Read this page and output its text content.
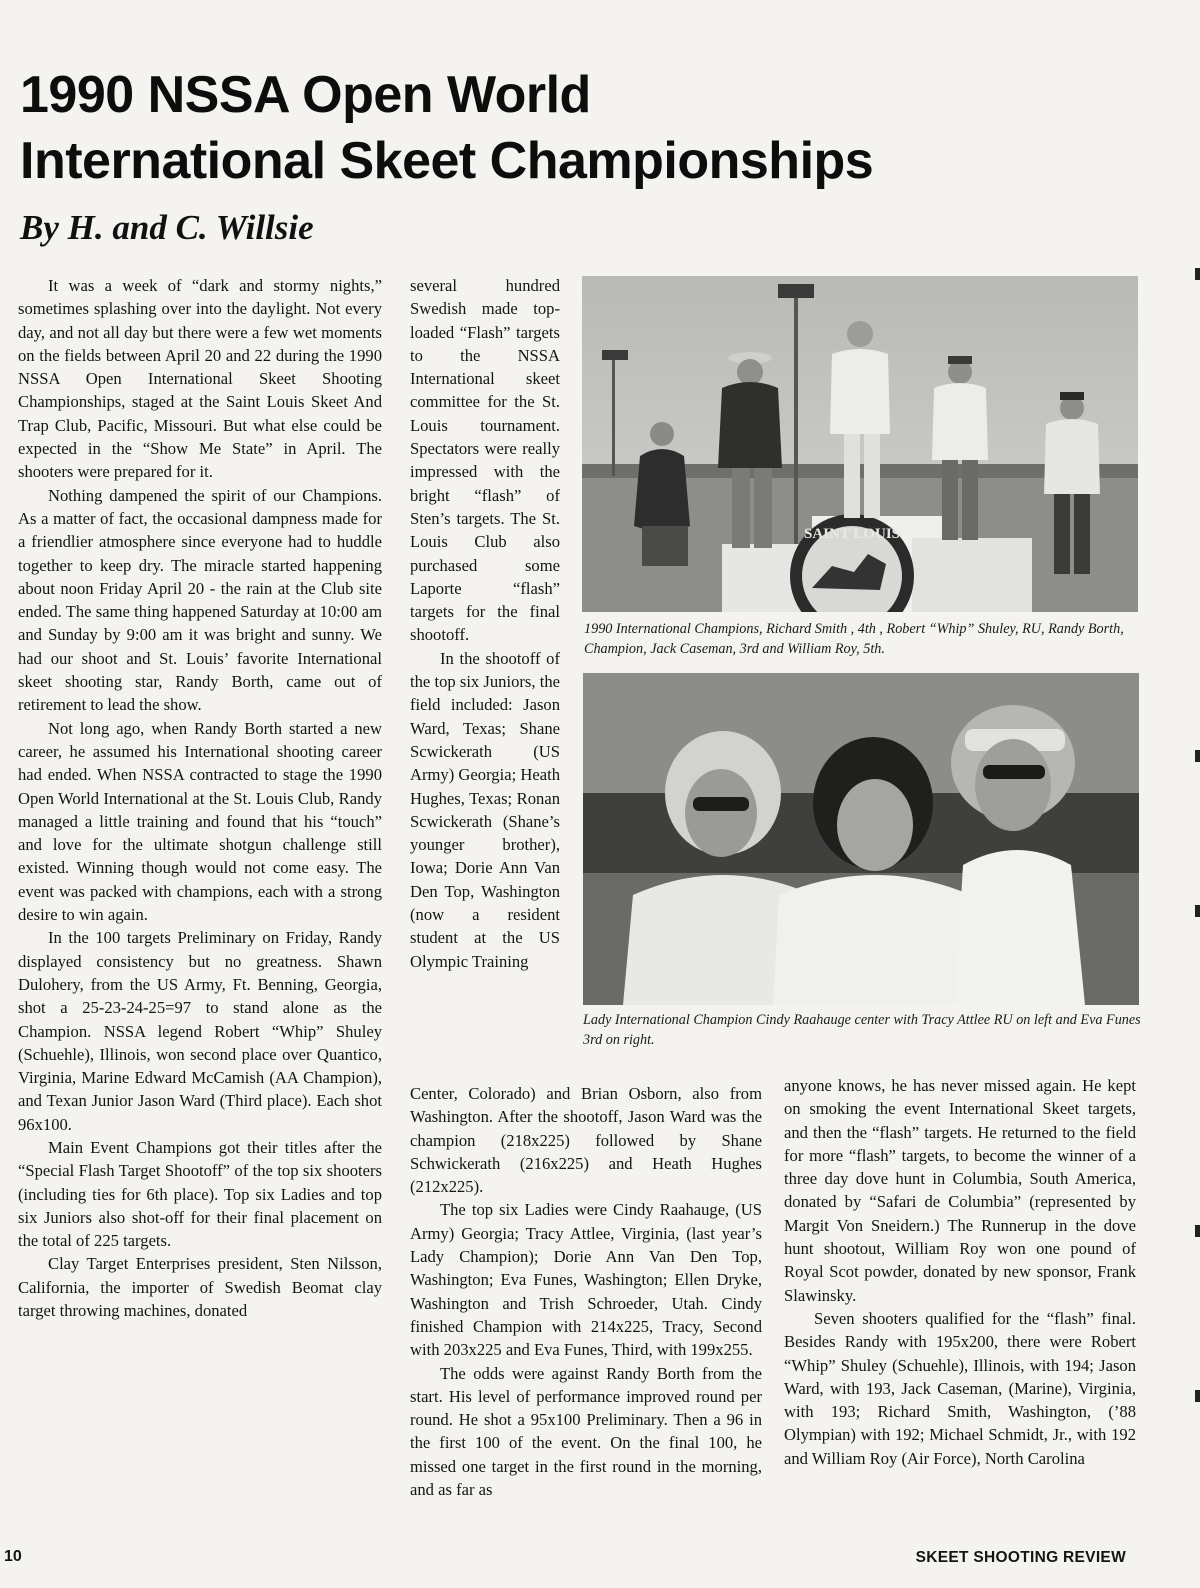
1990 NSSA Open World
International Skeet Championships
By H. and C. Willsie

It was a week of “dark and stormy nights,” sometimes splashing over into the daylight. Not every day, and not all day but there were a few wet moments on the fields between April 20 and 22 during the 1990 NSSA Open International Skeet Shooting Championships, staged at the Saint Louis Skeet And Trap Club, Pacific, Missouri. But what else could be expected in the “Show Me State” in April. The shooters were prepared for it.

Nothing dampened the spirit of our Champions. As a matter of fact, the occasional dampness made for a friendlier atmosphere since everyone had to huddle together to keep dry. The miracle started happening about noon Friday April 20 - the rain at the Club site ended. The same thing happened Saturday at 10:00 am and Sunday by 9:00 am it was bright and sunny. We had our shoot and St. Louis’ favorite International skeet shooting star, Randy Borth, came out of retirement to lead the show.

Not long ago, when Randy Borth started a new career, he assumed his International shooting career had ended. When NSSA contracted to stage the 1990 Open World International at the St. Louis Club, Randy managed a little training and found that his “touch” and love for the ultimate shotgun challenge still existed. Winning though would not come easy. The event was packed with champions, each with a strong desire to win again.

In the 100 targets Preliminary on Friday, Randy displayed consistency but no greatness. Shawn Dulohery, from the US Army, Ft. Benning, Georgia, shot a 25-23-24-25=97 to stand alone as the Champion. NSSA legend Robert “Whip” Shuley (Schuehle), Illinois, won second place over Quantico, Virginia, Marine Edward McCamish (AA Champion), and Texan Junior Jason Ward (Third place). Each shot 96x100.

Main Event Champions got their titles after the “Special Flash Target Shootoff” of the top six shooters (including ties for 6th place). Top six Ladies and top six Juniors also shot-off for their final placement on the total of 225 targets.

Clay Target Enterprises president, Sten Nilsson, California, the importer of Swedish Beomat clay target throwing machines, donated

several hundred Swedish made top-loaded “Flash” targets to the NSSA International skeet committee for the St. Louis tournament. Spectators were really impressed with the bright “flash” of Sten’s targets. The St. Louis Club also purchased some Laporte “flash” targets for the final shootoff.

In the shootoff of the top six Juniors, the field included: Jason Ward, Texas; Shane Scwickerath (US Army) Georgia; Heath Hughes, Texas; Ronan Scwickerath (Shane’s younger brother), Iowa; Dorie Ann Van Den Top, Washington (now a resident student at the US Olympic Training

Center, Colorado) and Brian Osborn, also from Washington. After the shootoff, Jason Ward was the champion (218x225) followed by Shane Schwickerath (216x225) and Heath Hughes (212x225).

The top six Ladies were Cindy Raahauge, (US Army) Georgia; Tracy Attlee, Virginia, (last year’s Lady Champion); Dorie Ann Van Den Top, Washington; Eva Funes, Washington; Ellen Dryke, Washington and Trish Schroeder, Utah. Cindy finished Champion with 214x225, Tracy, Second with 203x225 and Eva Funes, Third, with 199x255.

The odds were against Randy Borth from the start. His level of performance improved round per round. He shot a 95x100 Preliminary. Then a 96 in the first 100 of the event. On the final 100, he missed one target in the first round in the morning, and as far as

anyone knows, he has never missed again. He kept on smoking the event International Skeet targets, and then the “flash” targets. He returned to the field for more “flash” targets, to become the winner of a three day dove hunt in Columbia, South America, donated by “Safari de Columbia” (represented by Margit Von Sneidern.) The Runnerup in the dove hunt shootout, William Roy won one pound of Royal Scot powder, donated by new sponsor, Frank Slawinsky.

Seven shooters qualified for the “flash” final. Besides Randy with 195x200, there were Robert “Whip” Shuley (Schuehle), Illinois, with 194; Jason Ward, with 193, Jack Caseman, (Marine), Virginia, with 193; Richard Smith, Washington, (’88 Olympian) with 192; Michael Schmidt, Jr., with 192 and William Roy (Air Force), North Carolina

SAINT LOUIS
1990 International Champions, Richard Smith , 4th , Robert “Whip” Shuley, RU, Randy Borth, Champion, Jack Caseman, 3rd and William Roy, 5th.
Lady International Champion Cindy Raahauge center with Tracy Attlee RU on left and Eva Funes 3rd on right.
10	SKEET SHOOTING REVIEW
